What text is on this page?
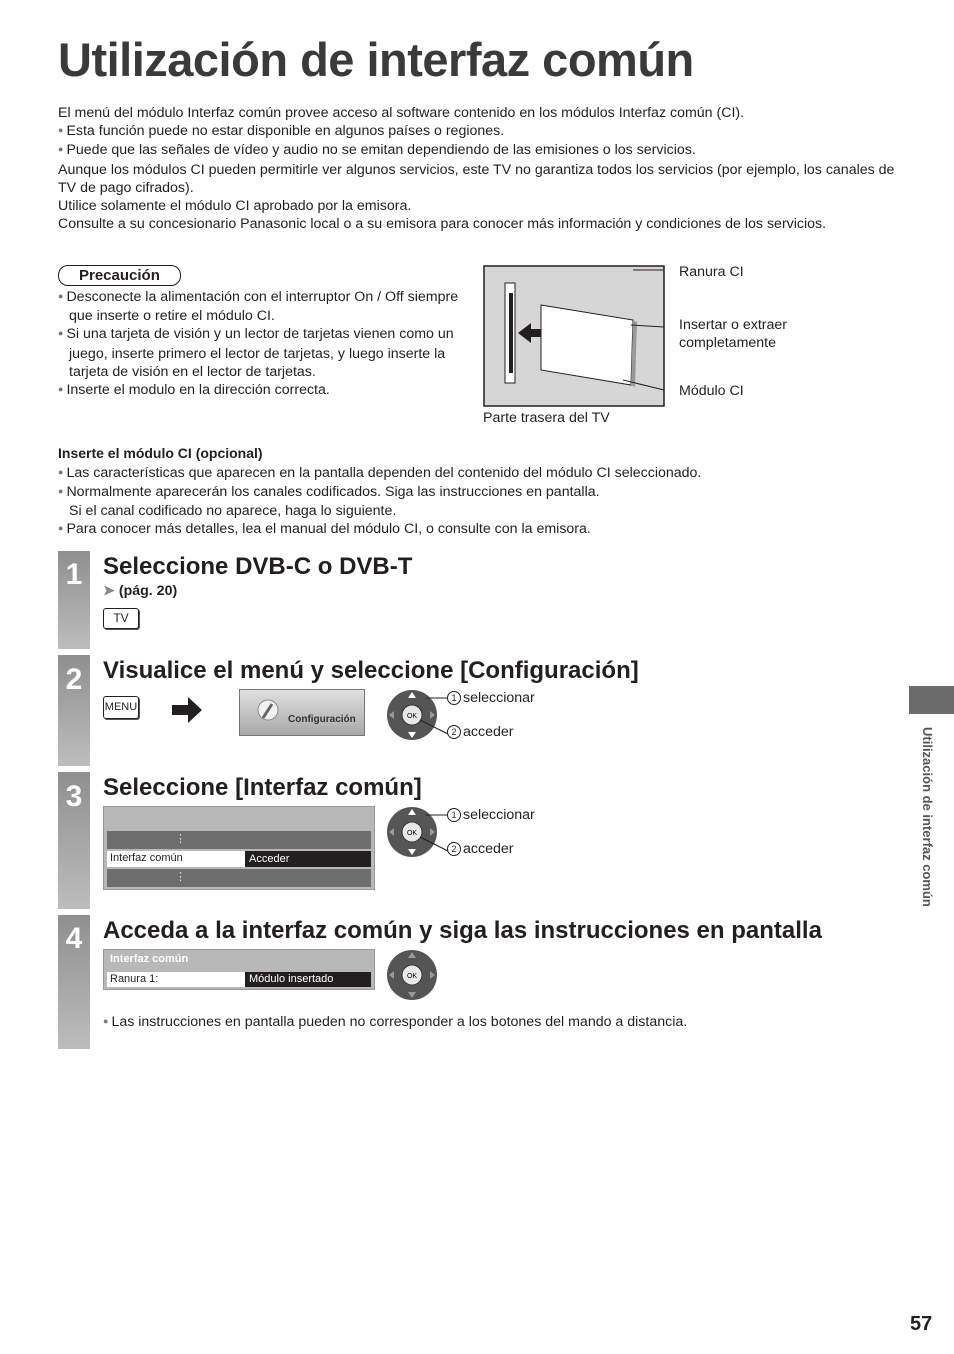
Utilización de interfaz común

El menú del módulo Interfaz común provee acceso al software contenido en los módulos Interfaz común (CI).

● Esta función puede no estar disponible en algunos países o regiones.

● Puede que las señales de vídeo y audio no se emitan dependiendo de las emisiones o los servicios.

Aunque los módulos CI pueden permitirle ver algunos servicios, este TV no garantiza todos los servicios (por ejemplo, los canales de TV de pago cifrados).

Utilice solamente el módulo CI aprobado por la emisora.

Consulte a su concesionario Panasonic local o a su emisora para conocer más información y condiciones de los servicios.

Precaución
● Desconecte la alimentación con el interruptor On / Off siempre que inserte o retire el módulo CI.
● Si una tarjeta de visión y un lector de tarjetas vienen como un juego, inserte primero el lector de tarjetas, y luego inserte la tarjeta de visión en el lector de tarjetas.
● Inserte el modulo en la dirección correcta.
Ranura CI
Insertar o extraer completamente
Módulo CI
Parte trasera del TV
Inserte el módulo CI (opcional)
● Las características que aparecen en la pantalla dependen del contenido del módulo CI seleccionado.
● Normalmente aparecerán los canales codificados. Siga las instrucciones en pantalla.
Si el canal codificado no aparece, haga lo siguiente.
● Para conocer más detalles, lea el manual del módulo CI, o consulte con la emisora.
1
2
3
4
Seleccione DVB-C o DVB-T
➤ (pág. 20)
TV
Visualice el menú y seleccione [Configuración]
MENU
Configuración	OK
1 seleccionar
2 acceder
Seleccione [Interfaz común]
⋮
Interfaz común	Acceder
⋮
OK
1 seleccionar
2 acceder
Acceda a la interfaz común y siga las instrucciones en pantalla
Interfaz común
Ranura 1:	Módulo insertado	OK
● Las instrucciones en pantalla pueden no corresponder a los botones del mando a distancia.
Utilización de interfaz común
57
